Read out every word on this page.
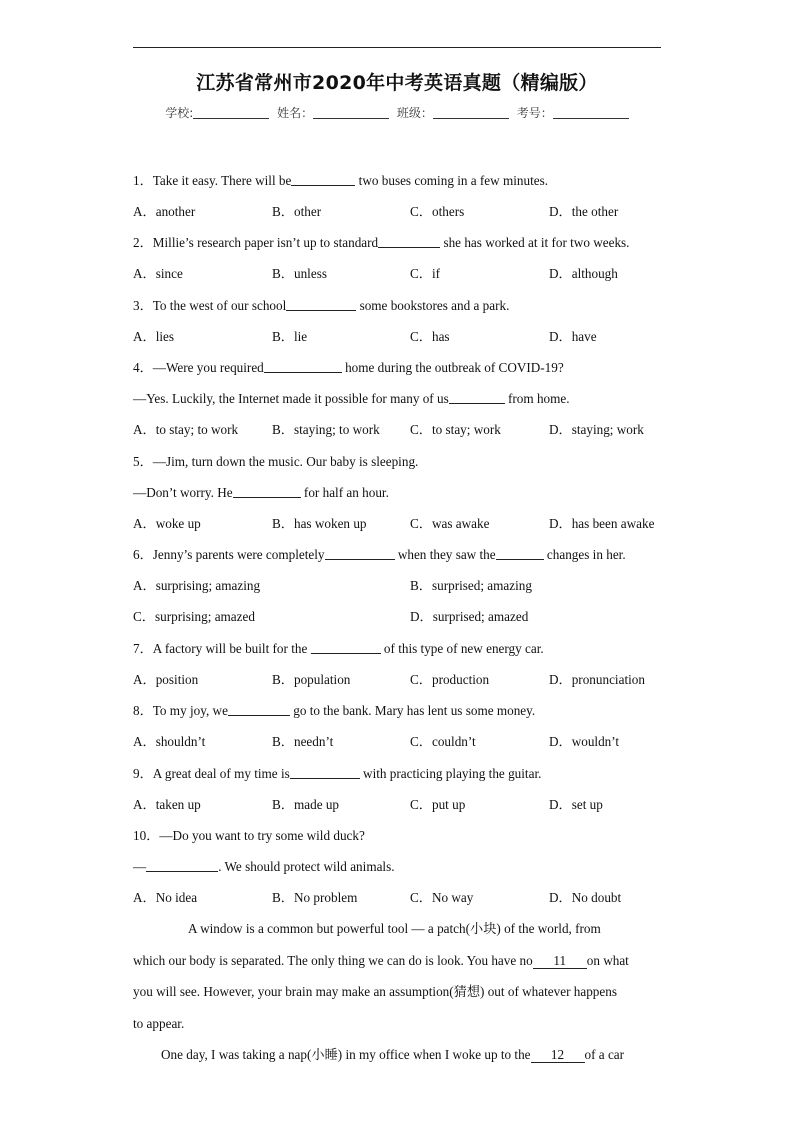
江苏省常州市2020年中考英语真题（精编版）
学校:	姓名：	班级：	考号：
1．Take it easy. There will be	two buses coming in a few minutes.
A．another	B．other	C．others	D．the other
2．Millie’s research paper isn’t up to standard	she has worked at it for two weeks.
A．since	B．unless	C．if	D．although
3．To the west of our school	some bookstores and a park.
A．lies	B．lie	C．has	D．have
4．—Were you required	home during the outbreak of COVID-19?
—Yes. Luckily, the Internet made it possible for many of us	from home.
A．to stay; to work	B．staying; to work C．to stay; work	D．staying; work
5．—Jim, turn down the music. Our baby is sleeping.
—Don’t worry. He	for half an hour.
A．woke up	B．has woken up	C．was awake	D．has been awake
6．Jenny’s parents were completely	when they saw the	changes in her.
A．surprising; amazing	B．surprised; amazing
C．surprising; amazed	D．surprised; amazed
7．A factory will be built for the	of this type of new energy car.
A．position	B．population	C．production	D．pronunciation
8．To my joy, we	go to the bank. Mary has lent us some money.
A．shouldn’t	B．needn’t	C．couldn’t	D．wouldn’t
9．A great deal of my time is	with practicing playing the guitar.
A．taken up	B．made up	C．put up	D．set up
10．—Do you want to try some wild duck?
—	. We should protect wild animals.
A．No idea	B．No problem	C．No way	D．No doubt
A window is a common but powerful tool — a patch(小块) of the world, from
which our body is separated. The only thing we can do is look. You have no 11 on what
you will see. However, your brain may make an assumption(猜想) out of whatever happens
to appear.
One day, I was taking a nap(小睡) in my office when I woke up to the 12 of a car
